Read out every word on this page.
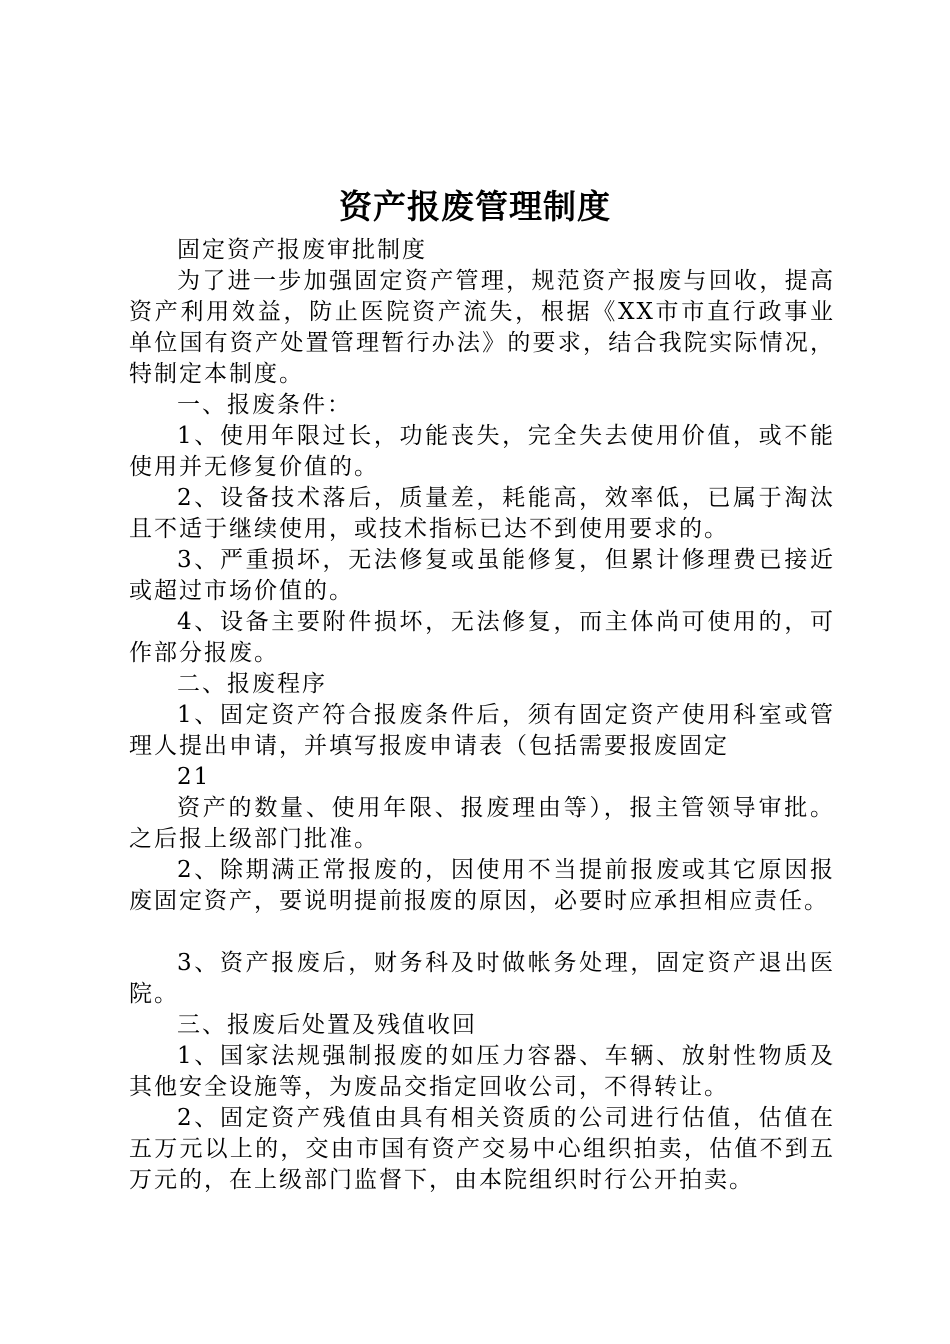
资产报废管理制度

固定资产报废审批制度

为了进一步加强固定资产管理，规范资产报废与回收，提高资产利用效益，防止医院资产流失，根据《XX市市直行政事业单位国有资产处置管理暂行办法》的要求，结合我院实际情况，特制定本制度。

一、报废条件：

1、使用年限过长，功能丧失，完全失去使用价值，或不能使用并无修复价值的。

2、设备技术落后，质量差，耗能高，效率低，已属于淘汰且不适于继续使用，或技术指标已达不到使用要求的。

3、严重损坏，无法修复或虽能修复，但累计修理费已接近或超过市场价值的。

4、设备主要附件损坏，无法修复，而主体尚可使用的，可作部分报废。

二、报废程序

1、固定资产符合报废条件后，须有固定资产使用科室或管理人提出申请，并填写报废申请表（包括需要报废固定

21

资产的数量、使用年限、报废理由等），报主管领导审批。之后报上级部门批准。

2、除期满正常报废的，因使用不当提前报废或其它原因报废固定资产，要说明提前报废的原因，必要时应承担相应责任。

3、资产报废后，财务科及时做帐务处理，固定资产退出医院。

三、报废后处置及残值收回

1、国家法规强制报废的如压力容器、车辆、放射性物质及其他安全设施等，为废品交指定回收公司，不得转让。

2、固定资产残值由具有相关资质的公司进行估值，估值在五万元以上的，交由市国有资产交易中心组织拍卖，估值不到五万元的，在上级部门监督下，由本院组织时行公开拍卖。
